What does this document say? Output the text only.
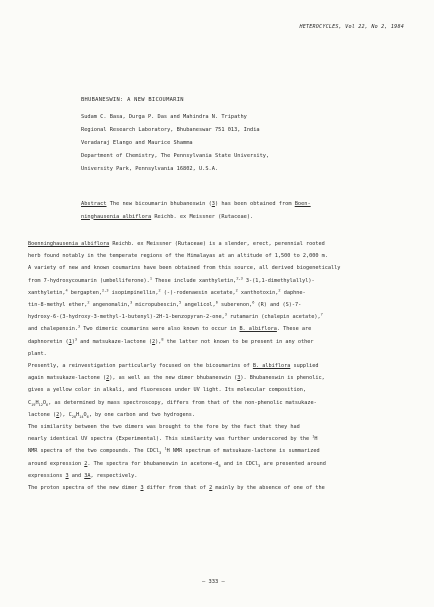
HETEROCYCLES, Vol 22, No 2, 1984
BHUBANESWIN: A NEW BICOUMARIN
Sudam C. Basa, Durga P. Das and Mahindra N. Tripathy
Regional Research Laboratory, Bhubaneswar 751 013, India
Veradaraj Elango and Maurice Shamma
Department of Chemistry, The Pennsylvania State University,
University Park, Pennsylvania 16802, U.S.A.
Abstract The new bicoumarin bhubaneswin (3) has been obtained from Boen-
ninghausenia albiflora Reichb. ex Meissner (Rutaceae).
Boenninghausenia albiflora Reichb. ex Meissner (Rutaceae) is a slender, erect, perennial rooted
herb found notably in the temperate regions of the Himalayas at an altitude of 1,500 to 2,000 m.
A variety of new and known coumarins have been obtained from this source, all derived biogenetically
from 7-hydroxycoumarin (umbelliferone).$^1$ These include xanthyletin,$^{2,3}$ 3-(1,1-dimethylallyl)-
xanthyletin,$^4$ bergapten,$^{2,3}$ isopimpinellin,$^2$ (-)-rodenaesin acetate,$^2$ xanthotoxin,$^2$ daphne-
tin-8-methyl ether,$^2$ angenomalin,$^3$ micropubescin,$^5$ angelicol,$^6$ suberenon,$^6$ (R) and (S)-7-
hydroxy-6-(3-hydroxy-3-methyl-1-butenyl)-2H-1-benzopyran-2-one,$^3$ rutamarin (chalepin acetate),$^7$
and chalepensin.$^3$ Two dimeric coumarins were also known to occur in B. albiflora. These are
daphnoretin $(1)^3$ and matsukaze-lactone (2),$^8$ the latter not known to be present in any other
plant.
Presently, a reinvestigation particularly focused on the bicoumarins of B. albiflora supplied
again matsukaze-lactone (2), as well as the new dimer bhubaneswin (3). Bhubaneswin is phenolic,
gives a yellow color in alkali, and fluoresces under UV light. Its molecular composition,
$C_{19}H_{12}O_6$, as determined by mass spectroscopy, differs from that of the non-phenolic matsukaze-
lactone (2), $C_{20}H_{14}O_6$, by one carbon and two hydrogens.
The similarity between the two dimers was brought to the fore by the fact that they had
nearly identical UV spectra (Experimental). This similarity was further underscored by the $^1$H
NMR spectra of the two compounds. The CDCl$_3$ $^1$H NMR spectrum of matsukaze-lactone is summarized
around expression 2. The spectra for bhubaneswin in acetone-$d_6$ and in CDCl$_3$ are presented around
expressions 3 and 3A, respectively.
The proton spectra of the new dimer 3 differ from that of 2 mainly by the absence of one of the
— 333 —
